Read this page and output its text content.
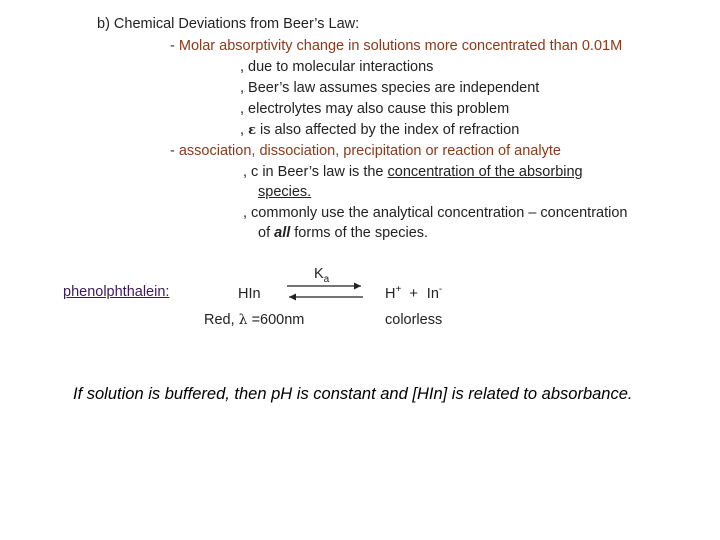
b) Chemical Deviations from Beer’s Law:
- Molar absorptivity change in solutions more concentrated than 0.01M
, due to molecular interactions
, Beer’s law assumes species are independent
, electrolytes may also cause this problem
, ε is also affected by the index of refraction
- association, dissociation, precipitation or reaction of analyte
, c in Beer’s law is the concentration of the absorbing
species.
, commonly use the analytical concentration – concentration
of all forms of the species.
phenolphthalein:	HIn
$K_a$
H+ + In-
Red, λ =600nm	colorless
If solution is buffered, then pH is constant and [HIn] is related to absorbance.
